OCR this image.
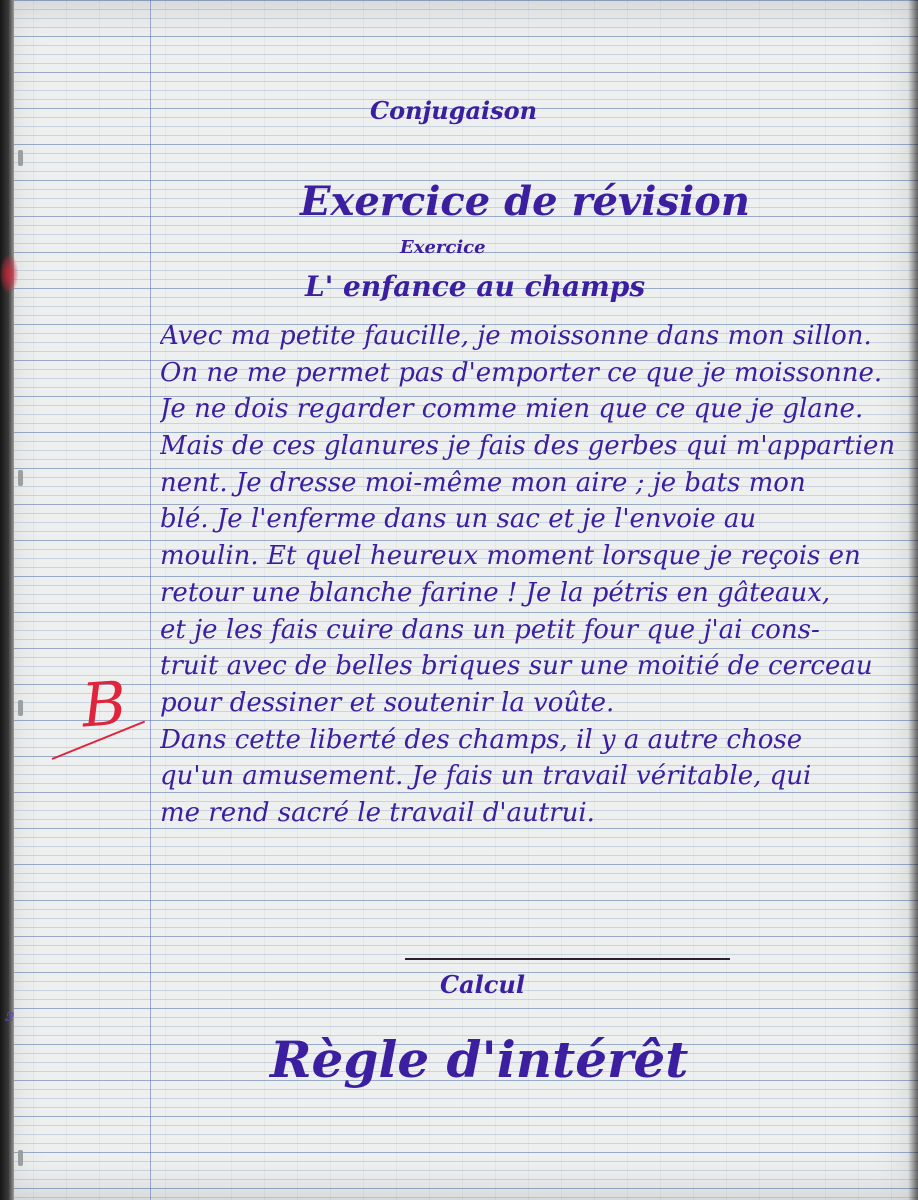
ta
Conjugaison
Exercice de révision
Exercice
L' enfance au champs
Avec ma petite faucille, je moissonne dans mon sillon.
On ne me permet pas d'emporter ce que je moissonne.
Je ne dois regarder comme mien que ce que je glane.
Mais de ces glanures je fais des gerbes qui m'appartien
nent. Je dresse moi-même mon aire ; je bats mon
blé. Je l'enferme dans un sac et je l'envoie au
moulin. Et quel heureux moment lorsque je reçois en
retour une blanche farine ! Je la pétris en gâteaux,
et je les fais cuire dans un petit four que j'ai cons-
truit avec de belles briques sur une moitié de cerceau
pour dessiner et soutenir la voûte.
Dans cette liberté des champs, il y a autre chose
qu'un amusement. Je fais un travail véritable, qui
me rend sacré le travail d'autrui.
B
Calcul
Règle d'intérêt
